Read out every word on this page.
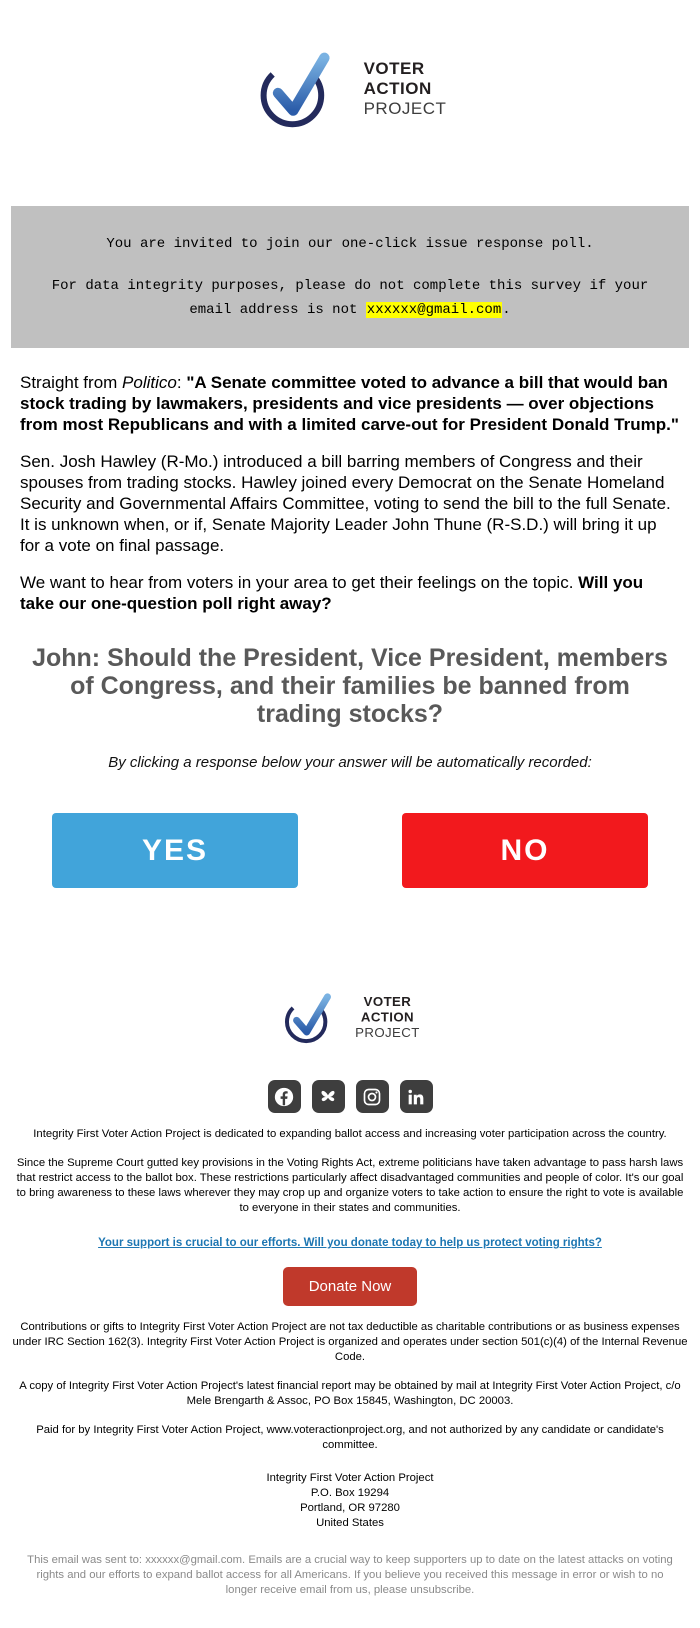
VOTER
ACTION
PROJECT

You are invited to join our one-click issue response poll.

For data integrity purposes, please do not complete this survey if your email address is not xxxxxx@gmail.com.

Straight from Politico: "A Senate committee voted to advance a bill that would ban stock trading by lawmakers, presidents and vice presidents — over objections from most Republicans and with a limited carve-out for President Donald Trump."

Sen. Josh Hawley (R-Mo.) introduced a bill barring members of Congress and their spouses from trading stocks. Hawley joined every Democrat on the Senate Homeland Security and Governmental Affairs Committee, voting to send the bill to the full Senate. It is unknown when, or if, Senate Majority Leader John Thune (R-S.D.) will bring it up for a vote on final passage.

We want to hear from voters in your area to get their feelings on the topic. Will you take our one-question poll right away?

John: Should the President, Vice President, members of Congress, and their families be banned from trading stocks?

By clicking a response below your answer will be automatically recorded:

YES	NO
VOTER
ACTION
PROJECT

Integrity First Voter Action Project is dedicated to expanding ballot access and increasing voter participation across the country.

Since the Supreme Court gutted key provisions in the Voting Rights Act, extreme politicians have taken advantage to pass harsh laws that restrict access to the ballot box. These restrictions particularly affect disadvantaged communities and people of color. It's our goal to bring awareness to these laws wherever they may crop up and organize voters to take action to ensure the right to vote is available to everyone in their states and communities.

Your support is crucial to our efforts. Will you donate today to help us protect voting rights?
Donate Now

Contributions or gifts to Integrity First Voter Action Project are not tax deductible as charitable contributions or as business expenses under IRC Section 162(3). Integrity First Voter Action Project is organized and operates under section 501(c)(4) of the Internal Revenue Code.

A copy of Integrity First Voter Action Project's latest financial report may be obtained by mail at Integrity First Voter Action Project, c/o Mele Brengarth & Assoc, PO Box 15845, Washington, DC 20003.

Paid for by Integrity First Voter Action Project, www.voteractionproject.org, and not authorized by any candidate or candidate's committee.

Integrity First Voter Action Project
P.O. Box 19294
Portland, OR 97280
United States

This email was sent to: xxxxxx@gmail.com. Emails are a crucial way to keep supporters up to date on the latest attacks on voting rights and our efforts to expand ballot access for all Americans. If you believe you received this message in error or wish to no longer receive email from us, please unsubscribe.
